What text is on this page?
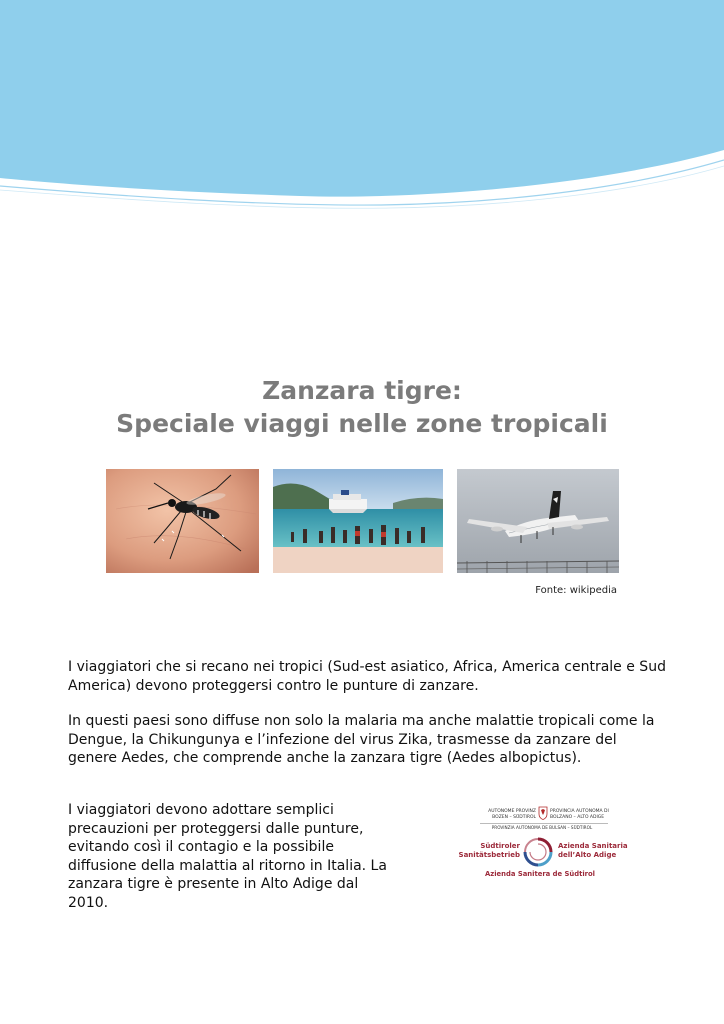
Zanzara tigre:
Speciale viaggi nelle zone tropicali
Fonte: wikipedia

I viaggiatori che si recano nei tropici (Sud-est asiatico, Africa, America centrale e Sud America) devono proteggersi contro le punture di zanzare.

In questi paesi sono diffuse non solo la malaria ma anche malattie tropicali come la Dengue, la Chikungunya e l’infezione del virus Zika, trasmesse da zanzare del genere Aedes, che comprende anche la zanzara tigre (Aedes albopictus).

I viaggiatori devono adottare semplici precauzioni per proteggersi dalle punture, evitando così il contagio e la possibile diffusione della malattia al ritorno in Italia. La zanzara tigre è presente in Alto Adige dal 2010.

AUTONOME PROVINZ BOZEN – SÜDTIROL
PROVINCIA AUTONOMA DI BOLZANO – ALTO ADIGE
PROVINZIA AUTONOMA DE BULSAN – SÜDTIROL
Südtiroler Sanitätsbetrieb
Azienda Sanitaria dell’Alto Adige
Azienda Sanitera de Südtirol
